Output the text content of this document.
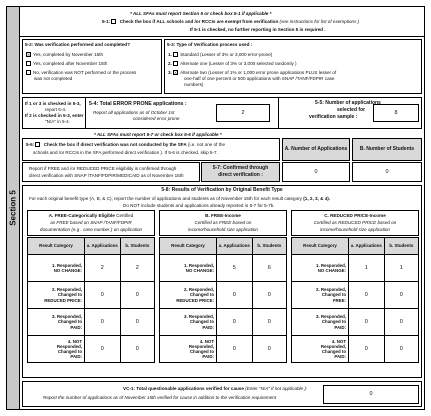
Section 5
* ALL SFAs must report Section 5 or check box 5-1 if applicable *
5-1: Check the box if ALL schools and /or RCCIs are exempt from verification (see instructions for list of exemptions )
If 5-1 is checked, no further reporting in Section 5 is required .
5-2: Was verification performed and completed?
X Yes, completed by November 15th
Yes, completed after November 15th
No, verification was NOT performed or the process
was not completed
5-3: Type of Verification process used :
1. Standard (Lesser of 3% or 3,000 error-prone)
2. Alternate one (Lesser of 3% or 3,000 selected randomly )
3. X Alternate two (Lesser of 1% or 1,000 error prone applications PLUS lesser of
one-half of one percent or 500 applications with SNAP /TANF/FDPIR case
numbers)
If 1 or 3 is checked in 5-3,
report 5-4.
If 2 is checked in 5-3, enter
"N/A" in 5-4.
5-4: Total ERROR PRONE applications :
Report all applications as of October 1st
considered error prone
2
5-5: Number of applications
selected for
verification sample :
8
* ALL SFAs must report 5-7 or check box 5-6 if applicable *
5-6: Check the box if direct verification was not conducted by the SFA (i.e. not one of the
schools and /or RCCIs in the SFA performed direct verification ). If 5-6 is checked, skip 5-7.
A. Number of Applications	B. Number of Students
Report if FREE and /or REDUCED PRICE eligibility is confirmed through
direct verification with SNAP /TANF/FDPIR/MEDICAID as of November 15th
5-7: Confirmed through
direct verification :
0	0
5-8: Results of Verification by Original Benefit Type
For each original benefit type (A, B, & C), report the number of applications and students as of November 15th for each result category (1, 2, 3, & 4).
Do NOT include students and applications already reported in 5-7 for 5-7b.
A. FREE-Categorically Eligible Certified
as FREE based on SNAP /TANF/FDPIR
documentation (e.g . case number ) on application
Result Category	a. Applications	b. Students

1. Responded,
NO CHANGE:	2	2

2. Responded,
Changed to
REDUCED PRICE:	0	0

3. Responded,
Changed to
PAID:	0	0

4. NOT
Responded,
Changed to
PAID:	0	0
B. FREE-Income
Certified as FREE based on
income/household size application
Result Category	a. Applications	b. Students

1. Responded,
NO CHANGE:	5	6

2. Responded,
Changed to
REDUCED PRICE:	0	0

3. Responded,
Changed to
PAID:	0	0

4. NOT
Responded,
Changed to
PAID:	0	0
C. REDUCED PRICE-Income
Certified as REDUCED PRICE based on
income/household size application
Result Category	a. Applications	b. Students

1. Responded,
NO CHANGE:	1	1

2. Responded,
Changed to
FREE:	0	0

3. Responded,
Changed to
PAID:	0	0

4. NOT
Responded,
Changed to
PAID:	0	0
VC-1: Total questionable applications verified for cause (Enter "N/A" if not applicable ):
Report the number of applications as of November 15th verified for cause in addition to the verification requirement
0
